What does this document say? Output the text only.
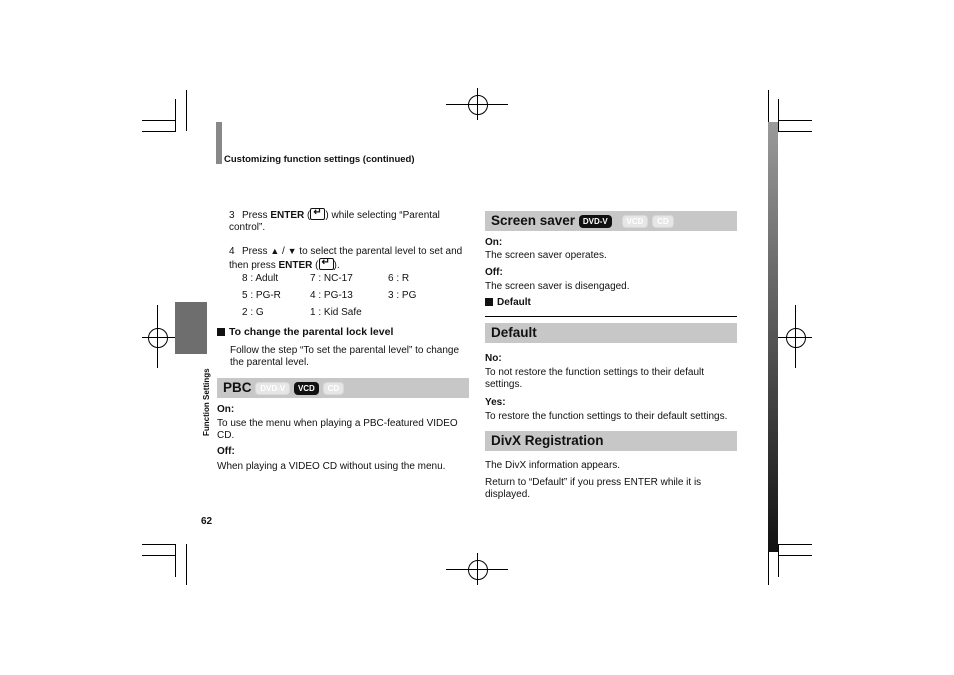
Customizing function settings (continued)
Function Settings
62
3 Press ENTER ( ↵ ) while selecting “Parental control”.
4 Press ▲ / ▼ to select the parental level to set and then press ENTER ( ↵ ).
8 : Adult	7 : NC-17	6 : R
5 : PG-R	4 : PG-13	3 : PG
2 : G	1 : Kid Safe
To change the parental lock level
Follow the step “To set the parental level” to change the parental level.
PBC DVD-V VCD CD
On:
To use the menu when playing a PBC-featured VIDEO CD.
Off:
When playing a VIDEO CD without using the menu.
Screen saver DVD-V VCD CD
On:
The screen saver operates.
Off:
The screen saver is disengaged.
Default
Default
No:
To not restore the function settings to their default settings.
Yes:
To restore the function settings to their default settings.
DivX Registration
The DivX information appears.
Return to “Default” if you press ENTER while it is displayed.
